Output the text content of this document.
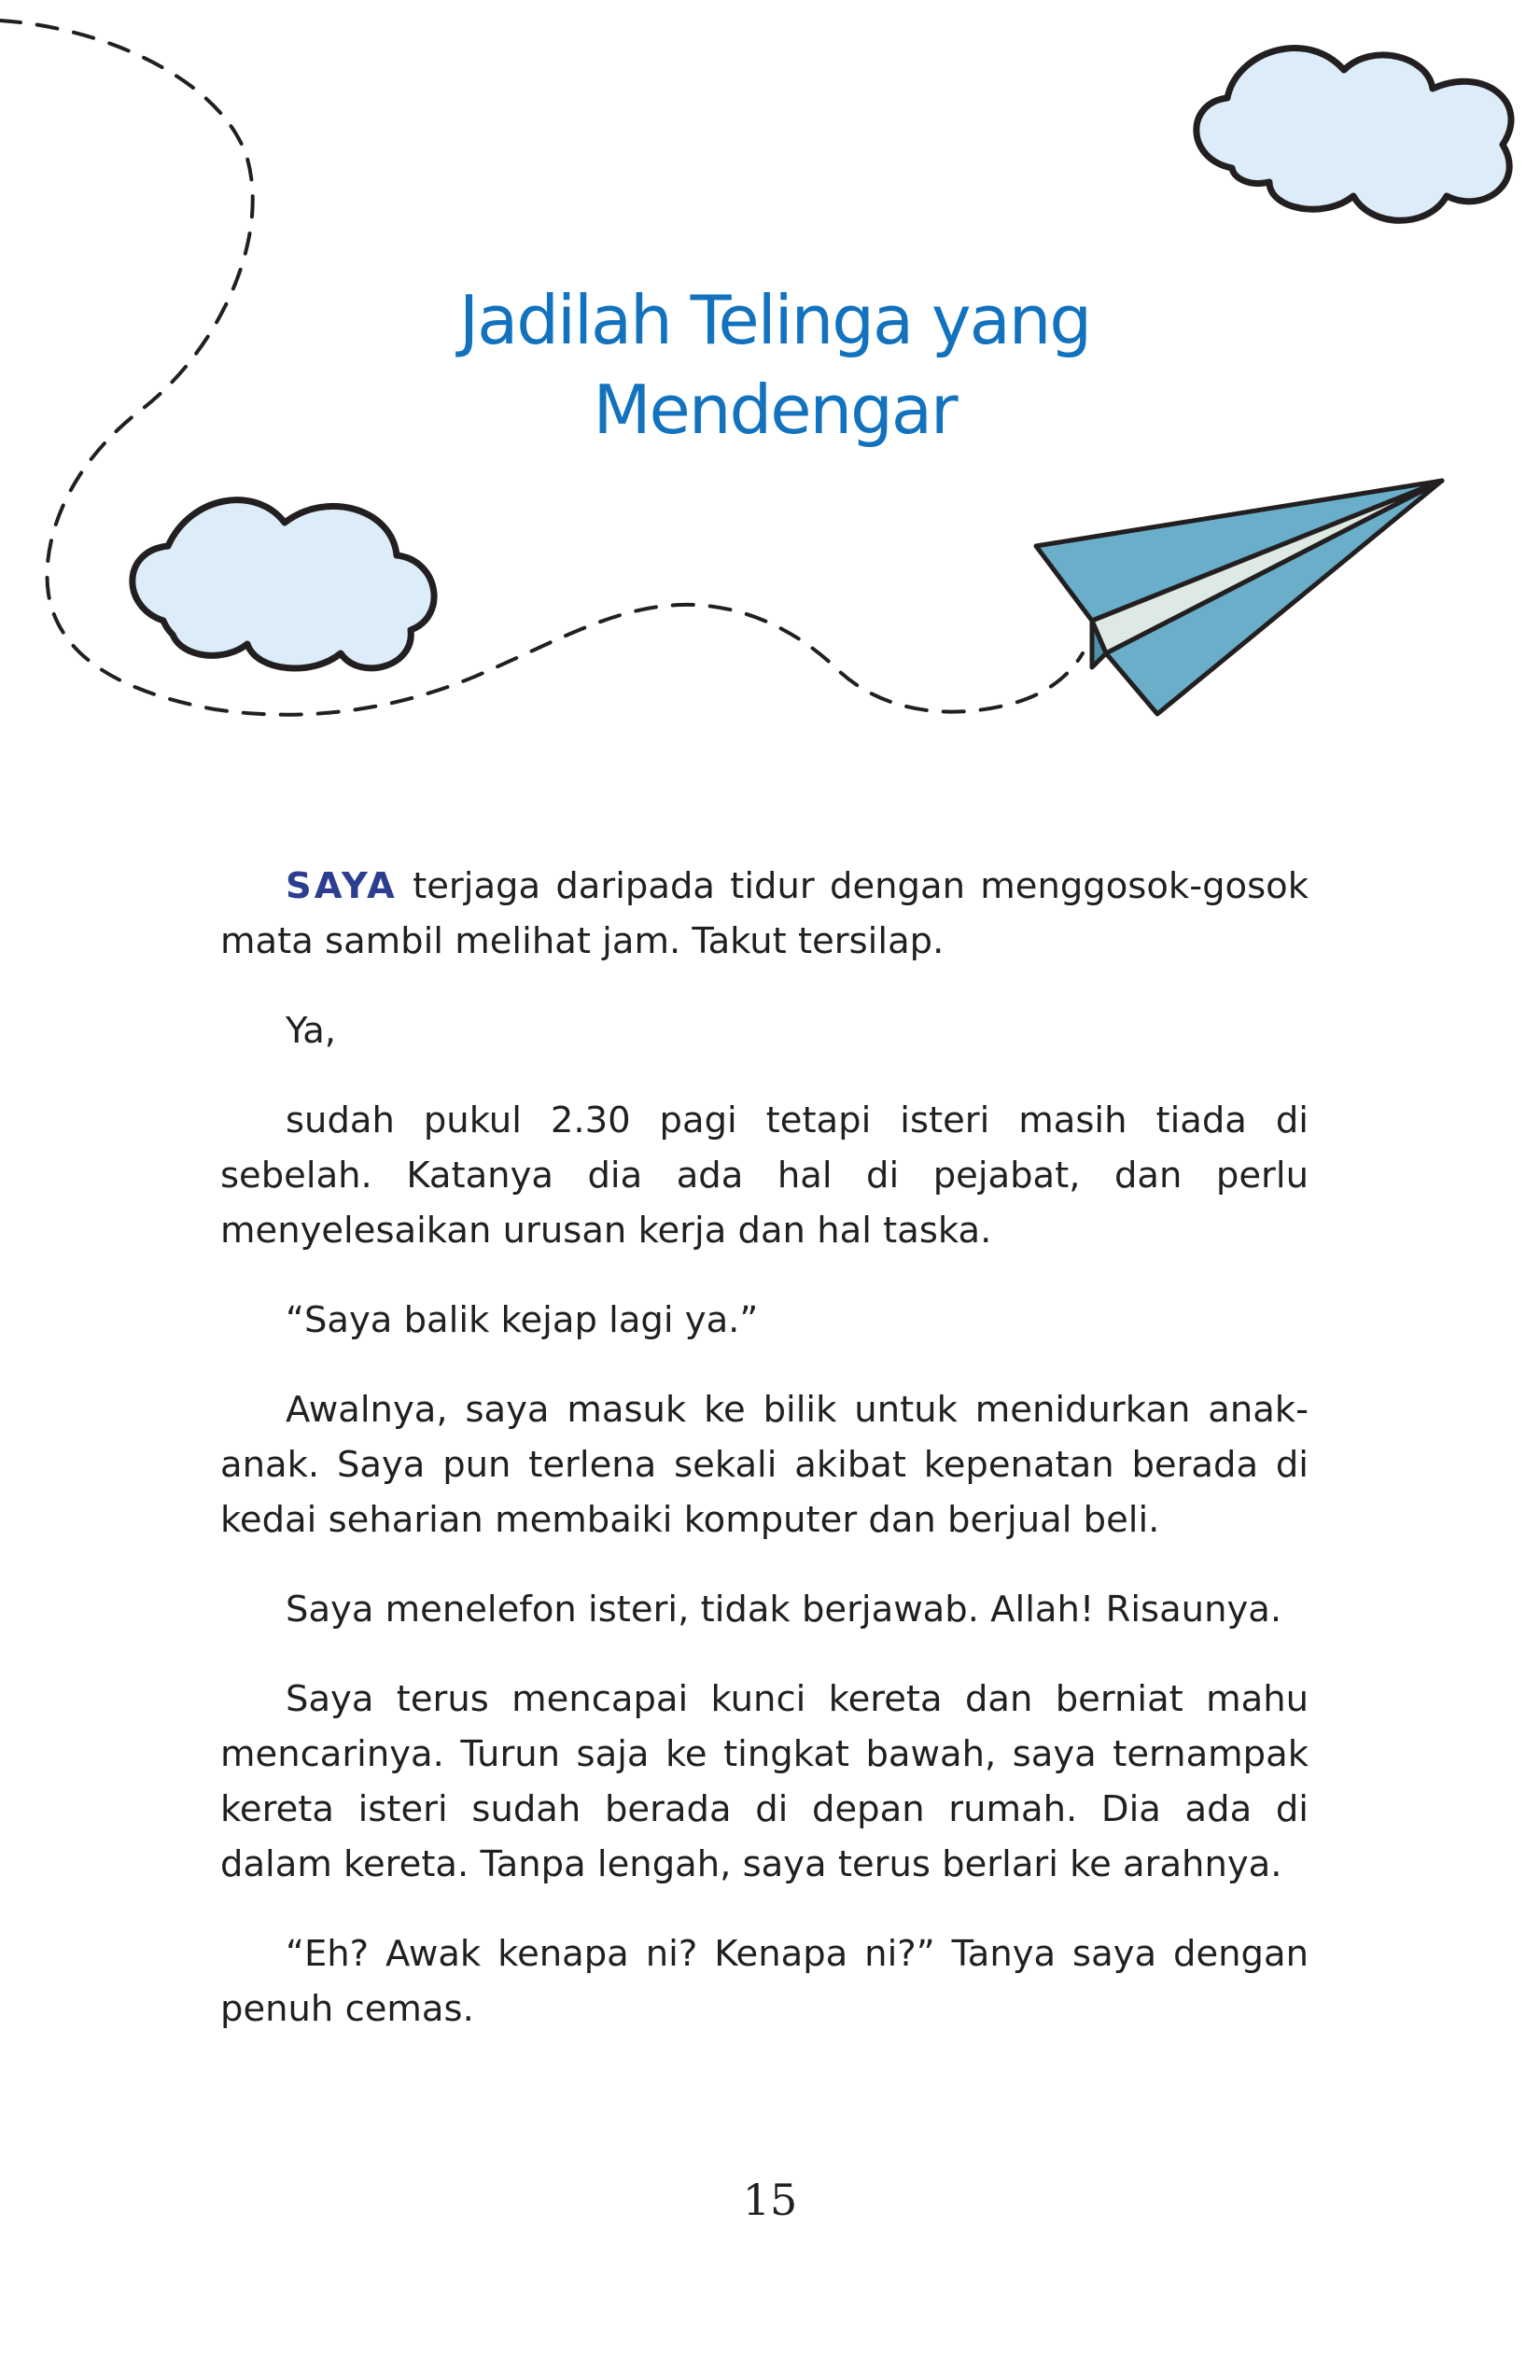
Jadilah Telinga yang
Mendengar

SAYA terjaga daripada tidur dengan menggosok-gosok mata sambil melihat jam. Takut tersilap.

Ya,

sudah pukul 2.30 pagi tetapi isteri masih tiada di sebelah. Katanya dia ada hal di pejabat, dan perlu menyelesaikan urusan kerja dan hal taska.

“Saya balik kejap lagi ya.”

Awalnya, saya masuk ke bilik untuk menidurkan anak-anak. Saya pun terlena sekali akibat kepenatan berada di kedai seharian membaiki komputer dan berjual beli.

Saya menelefon isteri, tidak berjawab. Allah! Risaunya.

Saya terus mencapai kunci kereta dan berniat mahu mencarinya. Turun saja ke tingkat bawah, saya ternampak kereta isteri sudah berada di depan rumah. Dia ada di dalam kereta. Tanpa lengah, saya terus berlari ke arahnya.

“Eh? Awak kenapa ni? Kenapa ni?” Tanya saya dengan penuh cemas.

15
